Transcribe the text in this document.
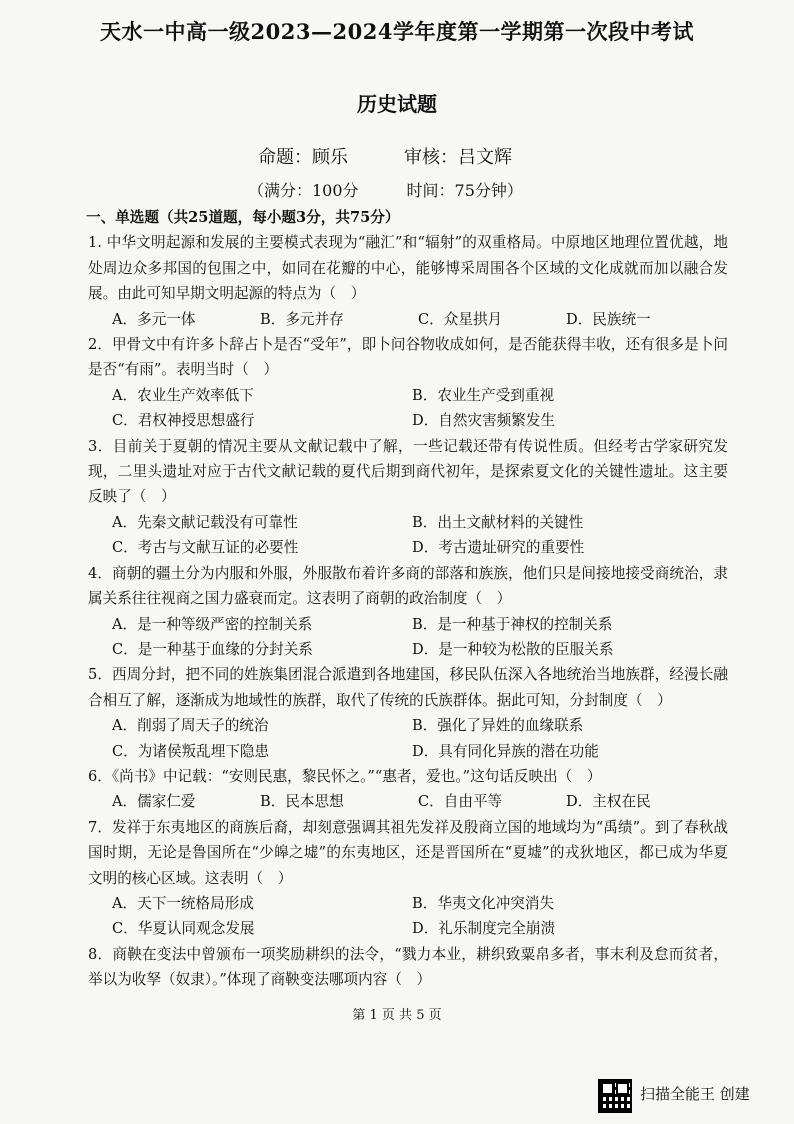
天水一中高一级2023—2024学年度第一学期第一次段中考试
历史试题
命题：顾乐	审核：吕文辉
（满分：100分	时间：75分钟）
一、单选题（共25道题，每小题3分，共75分）
1. 中华文明起源和发展的主要模式表现为“融汇”和“辐射”的双重格局。中原地区地理位置优越，地处周边众多邦国的包围之中，如同在花瓣的中心，能够博采周围各个区域的文化成就而加以融合发展。由此可知早期文明起源的特点为（　）
A．多元一体	B．多元并存	C．众星拱月	D．民族统一
2．甲骨文中有许多卜辞占卜是否“受年”，即卜问谷物收成如何，是否能获得丰收，还有很多是卜问是否“有雨”。表明当时（　）
A．农业生产效率低下	B．农业生产受到重视
C．君权神授思想盛行	D．自然灾害频繁发生
3．目前关于夏朝的情况主要从文献记载中了解，一些记载还带有传说性质。但经考古学家研究发现，二里头遗址对应于古代文献记载的夏代后期到商代初年，是探索夏文化的关键性遗址。这主要反映了（　）
A．先秦文献记载没有可靠性	B．出土文献材料的关键性
C．考古与文献互证的必要性	D．考古遗址研究的重要性
4．商朝的疆土分为内服和外服，外服散布着许多商的部落和族族，他们只是间接地接受商统治，隶属关系往往视商之国力盛衰而定。这表明了商朝的政治制度（　）
A．是一种等级严密的控制关系	B．是一种基于神权的控制关系
C．是一种基于血缘的分封关系	D．是一种较为松散的臣服关系
5．西周分封，把不同的姓族集团混合派遣到各地建国，移民队伍深入各地统治当地族群，经漫长融合相互了解，逐渐成为地域性的族群，取代了传统的氏族群体。据此可知，分封制度（　）
A．削弱了周天子的统治	B．强化了异姓的血缘联系
C．为诸侯叛乱埋下隐患	D．具有同化异族的潜在功能
6．《尚书》中记载：“安则民惠，黎民怀之。”“惠者，爱也。”这句话反映出（　）
A．儒家仁爱	B．民本思想	C．自由平等	D．主权在民
7．发祥于东夷地区的商族后裔，却刻意强调其祖先发祥及殷商立国的地域均为“禹绩”。到了春秋战国时期，无论是鲁国所在“少皞之墟”的东夷地区，还是晋国所在“夏墟”的戎狄地区，都已成为华夏文明的核心区域。这表明（　）
A．天下一统格局形成	B．华夷文化冲突消失
C．华夏认同观念发展	D．礼乐制度完全崩溃
8．商鞅在变法中曾颁布一项奖励耕织的法令，“戮力本业，耕织致粟帛多者，事末利及怠而贫者，举以为收孥（奴隶）。”体现了商鞅变法哪项内容（　）
第 1 页 共 5 页
扫描全能王 创建
